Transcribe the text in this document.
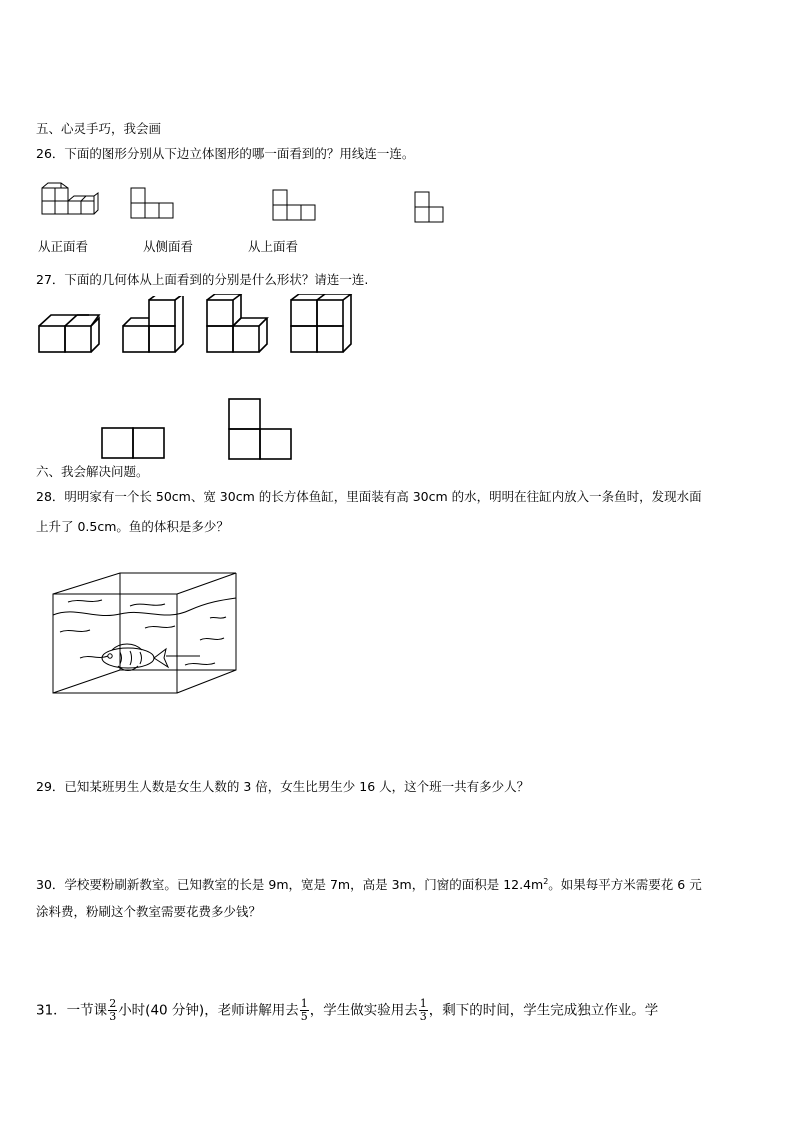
五、心灵手巧，我会画
26．下面的图形分别从下边立体图形的哪一面看到的？用线连一连。
从正面看	从侧面看	从上面看
27．下面的几何体从上面看到的分别是什么形状？请连一连.
六、我会解决问题。
28．明明家有一个长 50cm、宽 30cm 的长方体鱼缸，里面装有高 30cm 的水，明明在往缸内放入一条鱼时，发现水面
上升了 0.5cm。鱼的体积是多少？
29．已知某班男生人数是女生人数的 3 倍，女生比男生少 16 人，这个班一共有多少人？
30．学校要粉刷新教室。已知教室的长是 9m，宽是 7m，高是 3m，门窗的面积是 $12.4m^2$。如果每平方米需要花 6 元
涂料费，粉刷这个教室需要花费多少钱？
31．一节课 $\frac{2}{3}$ 小时(40 分钟)，老师讲解用去 $\frac{1}{5}$ ，学生做实验用去 $\frac{1}{3}$ ，剩下的时间，学生完成独立作业。学
